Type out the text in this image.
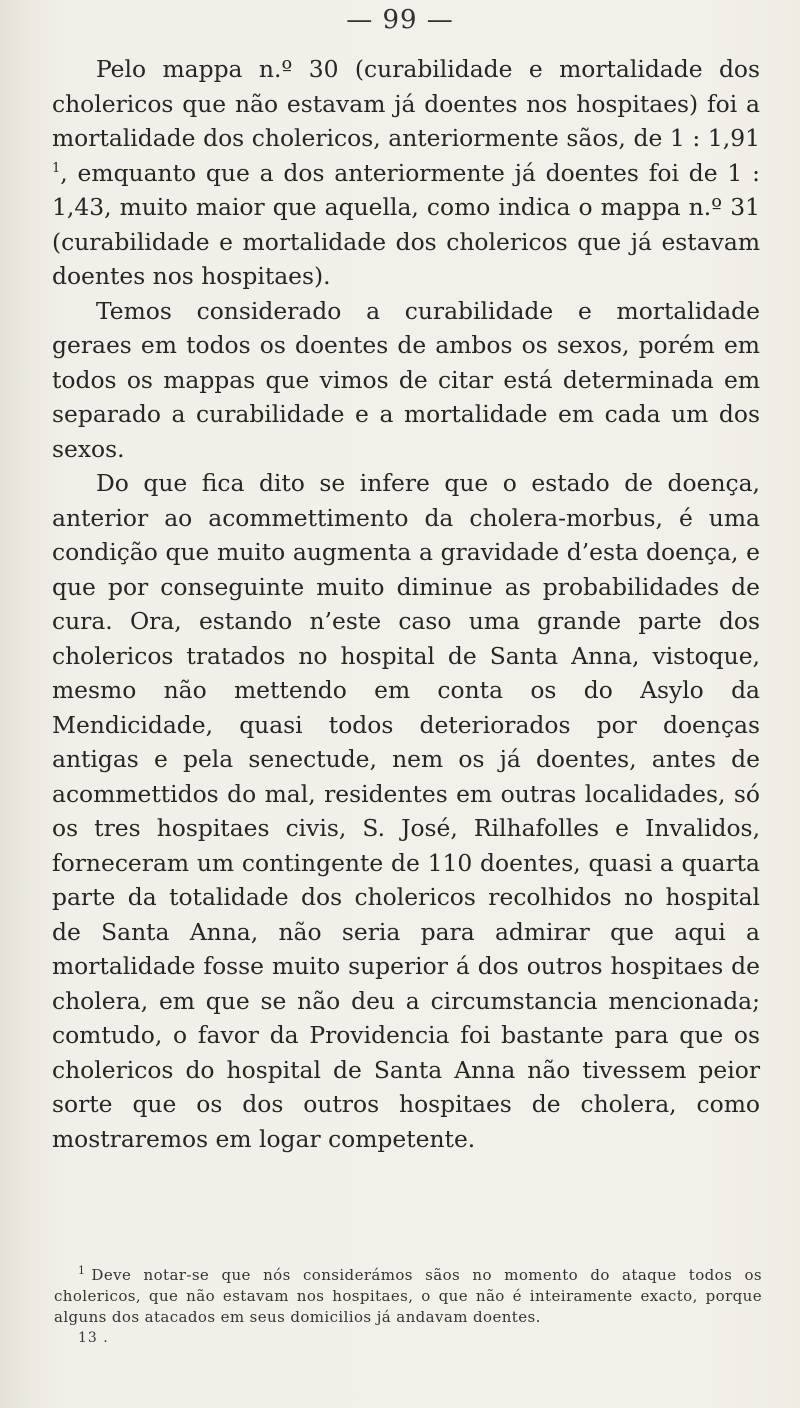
— 99 —

Pelo mappa n.º 30 (curabilidade e mortalidade dos cholericos que não estavam já doentes nos hospitaes) foi a mortalidade dos cholericos, anteriormente sãos, de 1 : 1,91 $^1$, emquanto que a dos anteriormente já doentes foi de 1 : 1,43, muito maior que aquella, como indica o mappa n.º 31 (curabilidade e mortalidade dos cholericos que já estavam doentes nos hospitaes).

Temos considerado a curabilidade e mortalidade geraes em todos os doentes de ambos os sexos, porém em todos os mappas que vimos de citar está determinada em separado a curabilidade e a mortalidade em cada um dos sexos.

Do que fica dito se infere que o estado de doença, anterior ao acommettimento da cholera-morbus, é uma condição que muito augmenta a gravidade d’esta doença, e que por conseguinte muito diminue as probabilidades de cura. Ora, estando n’este caso uma grande parte dos cholericos tratados no hospital de Santa Anna, vistoque, mesmo não mettendo em conta os do Asylo da Mendicidade, quasi todos deteriorados por doenças antigas e pela senectude, nem os já doentes, antes de acommettidos do mal, residentes em outras localidades, só os tres hospitaes civis, S. José, Rilhafolles e Invalidos, forneceram um contingente de 110 doentes, quasi a quarta parte da totalidade dos cholericos recolhidos no hospital de Santa Anna, não seria para admirar que aqui a mortalidade fosse muito superior á dos outros hospitaes de cholera, em que se não deu a circumstancia mencionada; comtudo, o favor da Providencia foi bastante para que os cholericos do hospital de Santa Anna não tivessem peior sorte que os dos outros hospitaes de cholera, como mostraremos em logar competente.

$^1$ Deve notar-se que nós considerámos sãos no momento do ataque todos os cholericos, que não estavam nos hospitaes, o que não é inteiramente exacto, porque alguns dos atacados em seus domicilios já andavam doentes.
13 .
